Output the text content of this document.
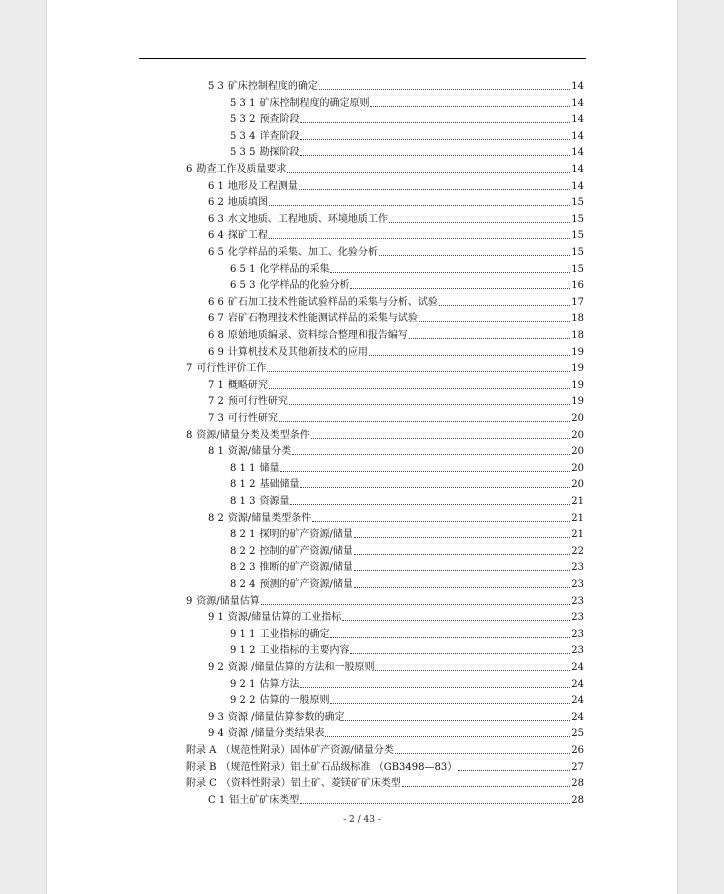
5 3 矿床控制程度的确定	14
5 3 1 矿床控制程度的确定原则	14
5 3 2 预查阶段	14
5 3 4 详查阶段	14
5 3 5 勘探阶段	14
6 勘查工作及质量要求	14
6 1 地形及工程测量	14
6 2 地质填图	15
6 3 水文地质、工程地质、环境地质工作	15
6 4 探矿工程	15
6 5 化学样品的采集、加工、化验分析	15
6 5 1 化学样品的采集	15
6 5 3 化学样品的化验分析	16
6 6 矿石加工技术性能试验样品的采集与分析、试验	17
6 7 岩矿石物理技术性能测试样品的采集与试验	18
6 8 原始地质编录、资料综合整理和报告编写	18
6 9 计算机技术及其他新技术的应用	19
7 可行性评价工作	19
7 1 概略研究	19
7 2 预可行性研究	19
7 3 可行性研究	20
8 资源/储量分类及类型条件	20
8 1 资源/储量分类	20
8 1 1 储量	20
8 1 2 基础储量	20
8 1 3 资源量	21
8 2 资源/储量类型条件	21
8 2 1 探明的矿产资源/储量	21
8 2 2 控制的矿产资源/储量	22
8 2 3 推断的矿产资源/储量	23
8 2 4 预测的矿产资源/储量	23
9 资源/储量估算	23
9 1 资源/储量估算的工业指标	23
9 1 1 工业指标的确定	23
9 1 2 工业指标的主要内容	23
9 2 资源 /储量估算的方法和一般原则	24
9 2 1 估算方法	24
9 2 2 估算的一般原则	24
9 3 资源 /储量估算参数的确定	24
9 4 资源 /储量分类结果表	25
附录 A （规范性附录）固体矿产资源/储量分类	26
附录 B （规范性附录）铝土矿石品级标准 （GB3498—83）	27
附录 C （资料性附录）铝土矿、菱镁矿矿床类型	28
C 1 铝土矿矿床类型	28
- 2 / 43 -
